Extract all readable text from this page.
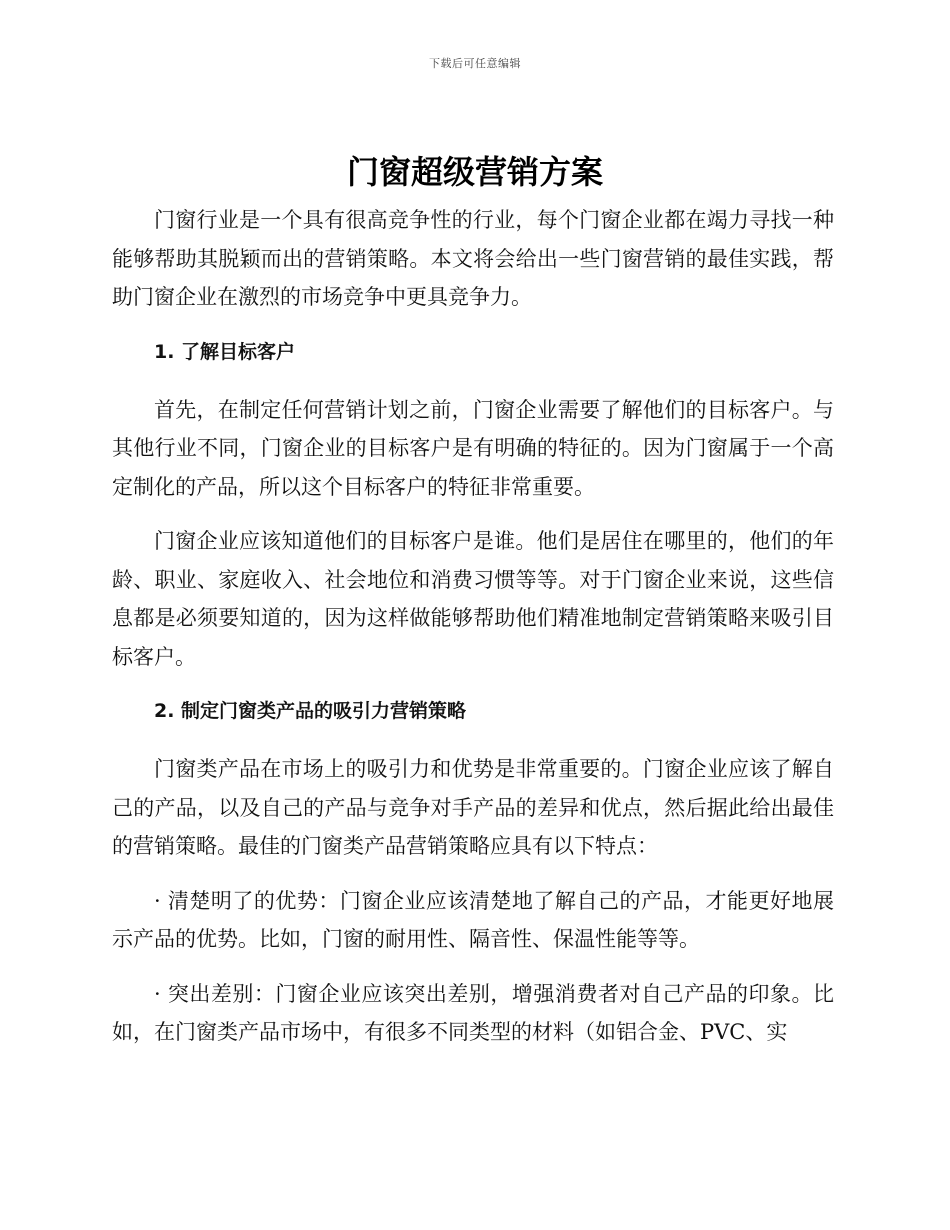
下载后可任意编辑
门窗超级营销方案

门窗行业是一个具有很高竞争性的行业，每个门窗企业都在竭力寻找一种能够帮助其脱颖而出的营销策略。本文将会给出一些门窗营销的最佳实践，帮助门窗企业在激烈的市场竞争中更具竞争力。

1. 了解目标客户

首先，在制定任何营销计划之前，门窗企业需要了解他们的目标客户。与其他行业不同，门窗企业的目标客户是有明确的特征的。因为门窗属于一个高定制化的产品，所以这个目标客户的特征非常重要。

门窗企业应该知道他们的目标客户是谁。他们是居住在哪里的，他们的年龄、职业、家庭收入、社会地位和消费习惯等等。对于门窗企业来说，这些信息都是必须要知道的，因为这样做能够帮助他们精准地制定营销策略来吸引目标客户。

2. 制定门窗类产品的吸引力营销策略

门窗类产品在市场上的吸引力和优势是非常重要的。门窗企业应该了解自己的产品，以及自己的产品与竞争对手产品的差异和优点，然后据此给出最佳的营销策略。最佳的门窗类产品营销策略应具有以下特点：

· 清楚明了的优势：门窗企业应该清楚地了解自己的产品，才能更好地展示产品的优势。比如，门窗的耐用性、隔音性、保温性能等等。

· 突出差别：门窗企业应该突出差别，增强消费者对自己产品的印象。比如，在门窗类产品市场中，有很多不同类型的材料（如铝合金、PVC、实
